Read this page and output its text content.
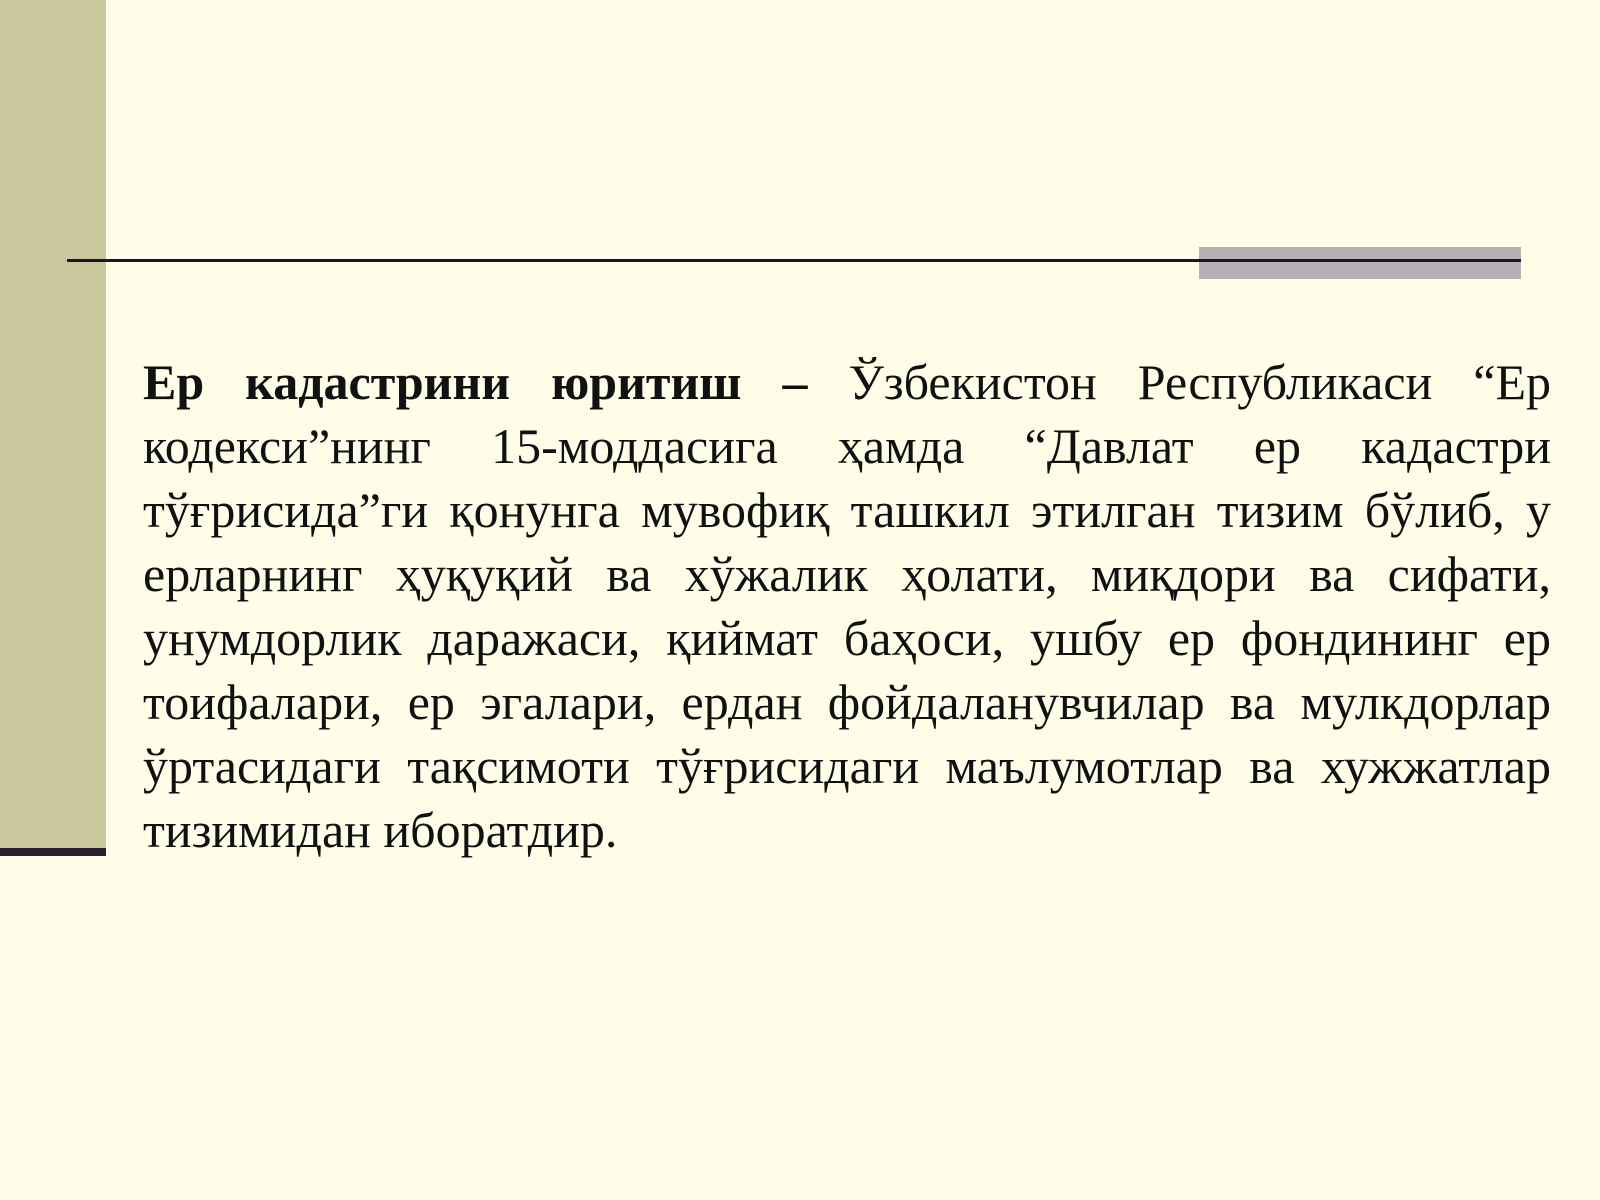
Ер кадастрини юритиш – Ўзбекистон Республикаси “Ер кодекси”нинг 15-моддасига ҳамда “Давлат ер кадастри тўғрисида”ги қонунга мувофиқ ташкил этилган тизим бўлиб, у ерларнинг ҳуқуқий ва хўжалик ҳолати, миқдори ва сифати, унумдорлик даражаси, қиймат баҳоси, ушбу ер фондининг ер тоифалари, ер эгалари, ердан фойдаланувчилар ва мулкдорлар ўртасидаги тақсимоти тўғрисидаги маълумотлар ва хужжатлар тизимидан иборатдир.
